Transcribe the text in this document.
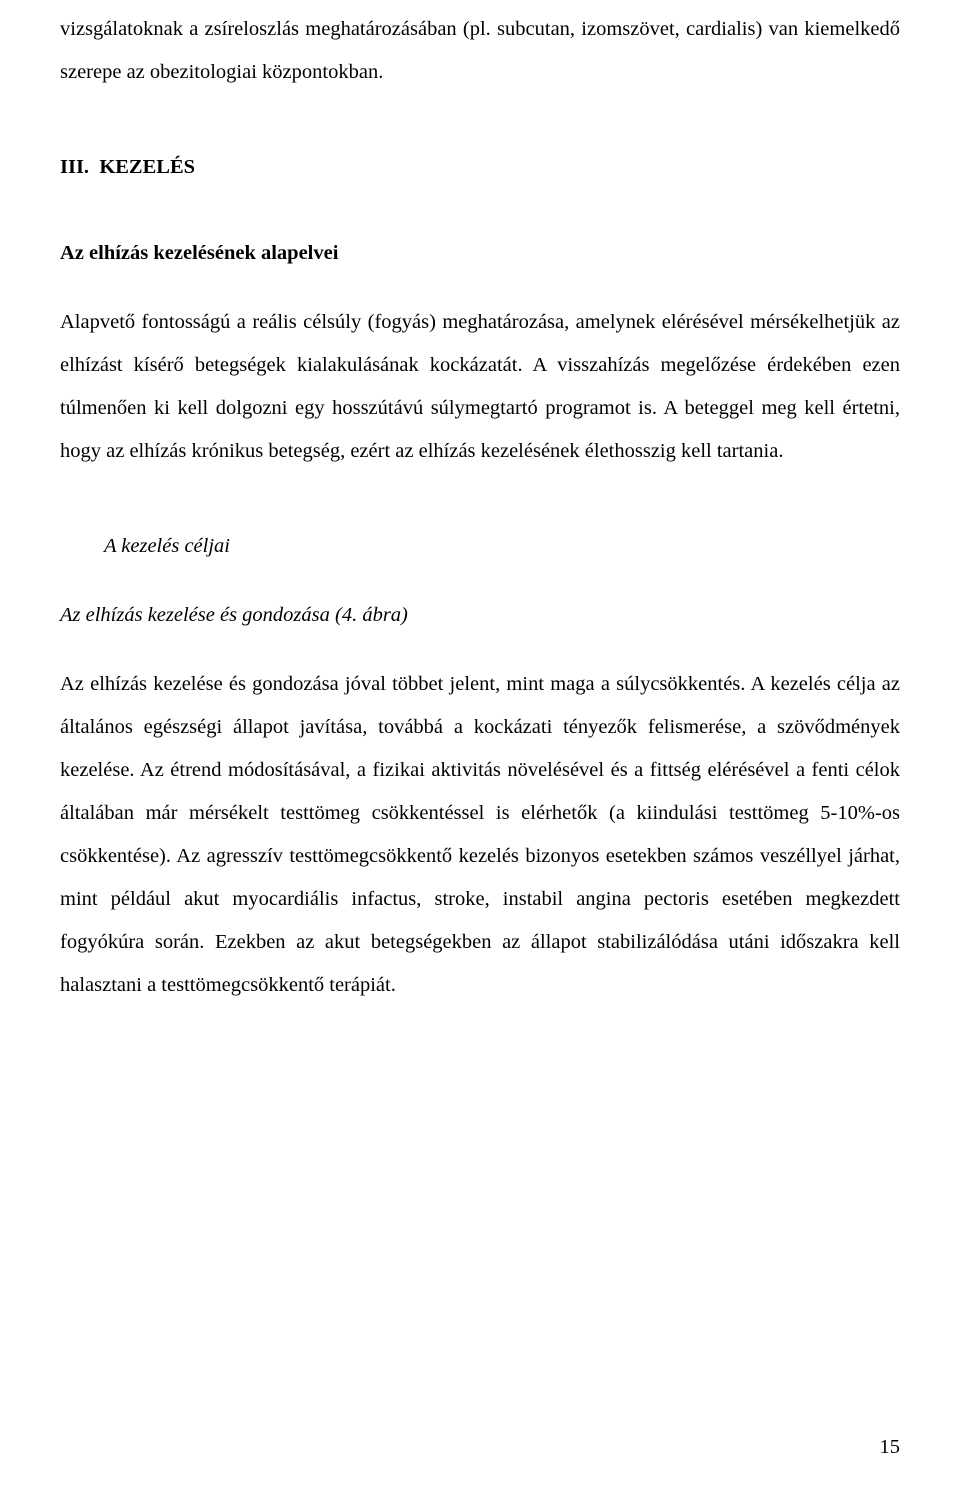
vizsgálatoknak a zsíreloszlás meghatározásában (pl. subcutan, izomszövet, cardialis) van kiemelkedő szerepe az obezitologiai központokban.

III. KEZELÉS

Az elhízás kezelésének alapelvei

Alapvető fontosságú a reális célsúly (fogyás) meghatározása, amelynek elérésével mérsékelhetjük az elhízást kísérő betegségek kialakulásának kockázatát. A visszahízás megelőzése érdekében ezen túlmenően ki kell dolgozni egy hosszútávú súlymegtartó programot is. A beteggel meg kell értetni, hogy az elhízás krónikus betegség, ezért az elhízás kezelésének élethosszig kell tartania.

A kezelés céljai

Az elhízás kezelése és gondozása (4. ábra)

Az elhízás kezelése és gondozása jóval többet jelent, mint maga a súlycsökkentés. A kezelés célja az általános egészségi állapot javítása, továbbá a kockázati tényezők felismerése, a szövődmények kezelése. Az étrend módosításával, a fizikai aktivitás növelésével és a fittség elérésével a fenti célok általában már mérsékelt testtömeg csökkentéssel is elérhetők (a kiindulási testtömeg 5-10%-os csökkentése). Az agresszív testtömegcsökkentő kezelés bizonyos esetekben számos veszéllyel járhat, mint például akut myocardiális infactus, stroke, instabil angina pectoris esetében megkezdett fogyókúra során. Ezekben az akut betegségekben az állapot stabilizálódása utáni időszakra kell halasztani a testtömegcsökkentő terápiát.

15
